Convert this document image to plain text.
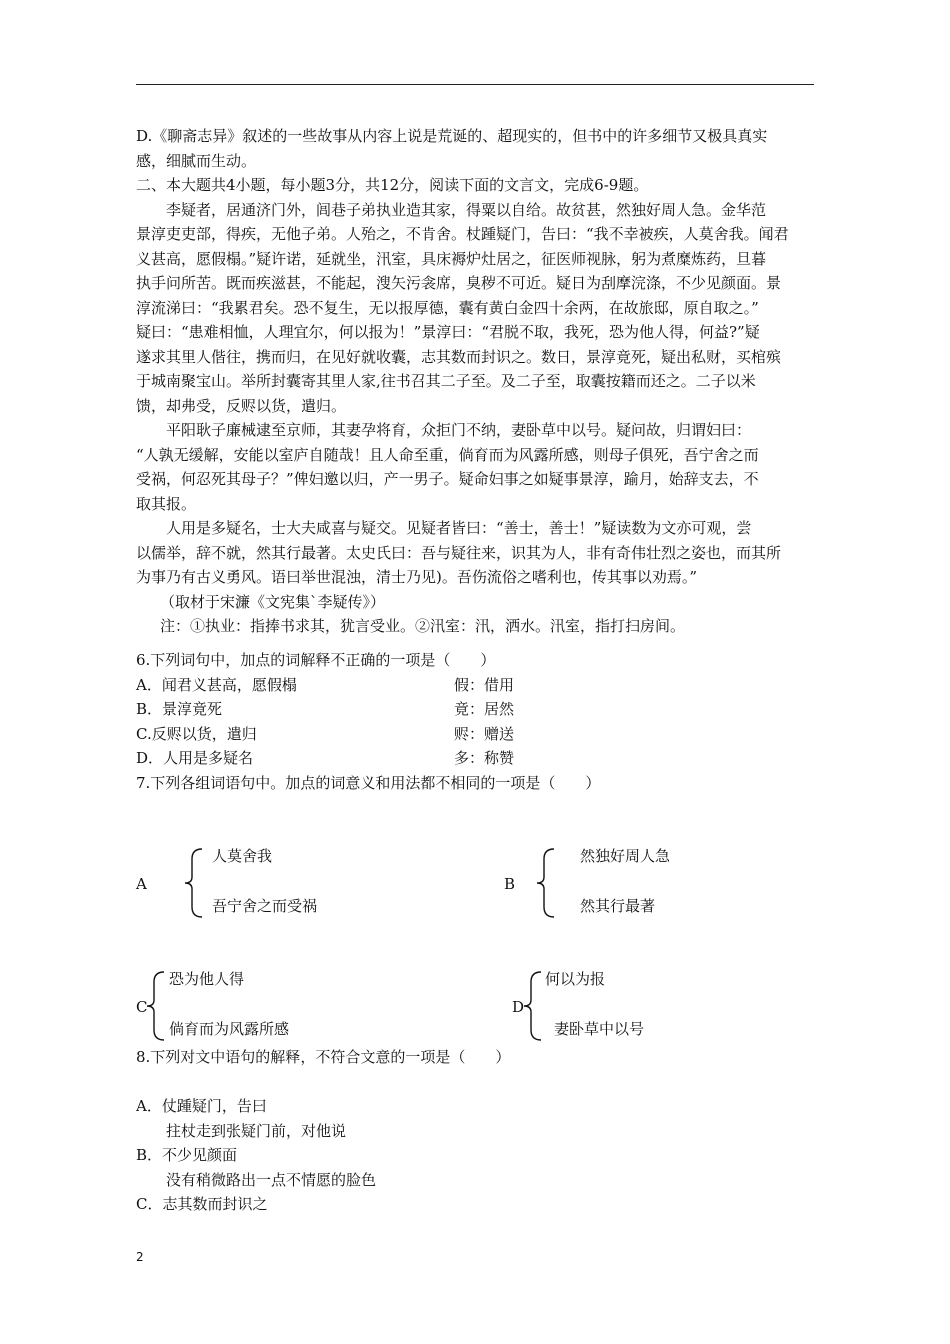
D.《聊斋志异》叙述的一些故事从内容上说是荒诞的、超现实的，但书中的许多细节又极具真实
感，细腻而生动。
二、本大题共4小题，每小题3分，共12分，阅读下面的文言文，完成6-9题。
李疑者，居通济门外，闾巷子弟执业造其家，得粟以自给。故贫甚，然独好周人急。金华范
景淳吏吏部，得疾，无他子弟。人殆之，不肯舍。杖踵疑门，告曰：“我不幸被疾，人莫舍我。闻君
义甚高，愿假榻。”疑许诺，延就坐，汛室，具床褥炉灶居之，征医师视脉，躬为煮糜炼药，旦暮
执手问所苦。既而疾滋甚，不能起，溲矢污衾席，臭秽不可近。疑日为刮摩浣涤，不少见颜面。景
淳流涕曰：“我累君矣。恐不复生，无以报厚德，囊有黄白金四十余两，在故旅邸，原自取之。”
疑曰：“患难相恤，人理宜尔，何以报为！”景淳曰：“君脱不取，我死，恐为他人得，何益?”疑
遂求其里人偕往，携而归，在见好就收囊，志其数而封识之。数日，景淳竟死，疑出私财，买棺殡
于城南聚宝山。举所封囊寄其里人家,往书召其二子至。及二子至，取囊按籍而还之。二子以米
馈，却弗受，反赆以货，遣归。
平阳耿子廉械逮至京师，其妻孕将育，众拒门不纳，妻卧草中以号。疑问故，归谓妇曰：
“人孰无缓解，安能以室庐自随哉！且人命至重，倘育而为风露所感，则母子俱死，吾宁舍之而
受祸，何忍死其母子？”俾妇邀以归，产一男子。疑命妇事之如疑事景淳，踰月，始辞支去，不
取其报。
人用是多疑名，士大夫咸喜与疑交。见疑者皆曰：“善士，善士！”疑读数为文亦可观，尝
以儒举，辞不就，然其行最著。太史氏曰：吾与疑往来，识其为人，非有奇伟壮烈之姿也，而其所
为事乃有古义勇风。语曰举世混浊，清士乃见)。吾伤流俗之嗜利也，传其事以劝焉。”
（取材于宋濂《文宪集`李疑传》）
注：①执业：指捧书求其，犹言受业。②汛室：汛，洒水。汛室，指打扫房间。
6.下列词句中，加点的词解释不正确的一项是（　　）
A．闻君义甚高，愿假榻	假：借用
B．景淳竟死	竟：居然
C.反赆以货，遣归	赆：赠送
D．人用是多疑名	多：称赞
7.下列各组词语句中。加点的词意义和用法都不相同的一项是（　　）
A
人莫舍我
吾宁舍之而受祸
B
然独好周人急
然其行最著
C
恐为他人得
倘育而为风露所感
D
何以为报
妻卧草中以号
8.下列对文中语句的解释，不符合文意的一项是（　　）
A．仗踵疑门，告曰
拄杖走到张疑门前，对他说
B．不少见颜面
没有稍微路出一点不情愿的脸色
C．志其数而封识之
2
